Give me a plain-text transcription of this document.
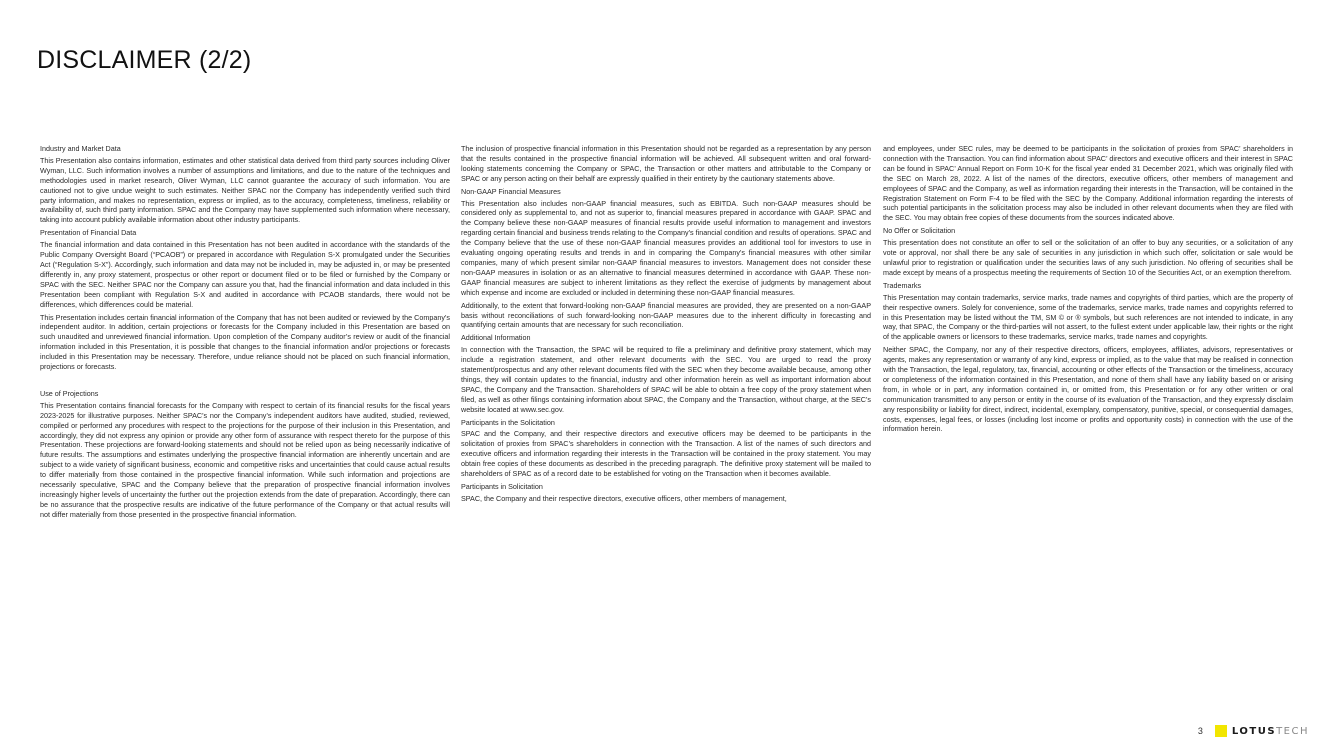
DISCLAIMER (2/2)
Industry and Market Data

This Presentation also contains information, estimates and other statistical data derived from third party sources including Oliver Wyman, LLC. Such information involves a number of assumptions and limitations, and due to the nature of the techniques and methodologies used in market research, Oliver Wyman, LLC cannot guarantee the accuracy of such information. You are cautioned not to give undue weight to such estimates. Neither SPAC nor the Company has independently verified such third party information, and makes no representation, express or implied, as to the accuracy, completeness, timeliness, reliability or availability of, such third party information. SPAC and the Company may have supplemented such information where necessary, taking into account publicly available information about other industry participants.

Presentation of Financial Data

The financial information and data contained in this Presentation has not been audited in accordance with the standards of the Public Company Oversight Board (“PCAOB”) or prepared in accordance with Regulation S-X promulgated under the Securities Act (“Regulation S-X”). Accordingly, such information and data may not be included in, may be adjusted in, or may be presented differently in, any proxy statement, prospectus or other report or document filed or to be filed or furnished by the Company or SPAC with the SEC. Neither SPAC nor the Company can assure you that, had the financial information and data included in this Presentation been compliant with Regulation S-X and audited in accordance with PCAOB standards, there would not be differences, which differences could be material.

This Presentation includes certain financial information of the Company that has not been audited or reviewed by the Company’s independent auditor. In addition, certain projections or forecasts for the Company included in this Presentation are based on such unaudited and unreviewed financial information. Upon completion of the Company auditor’s review or audit of the financial information included in this Presentation, it is possible that changes to the financial information and/or projections or forecasts included in this Presentation may be necessary. Therefore, undue reliance should not be placed on such financial information, projections or forecasts.

Use of Projections

This Presentation contains financial forecasts for the Company with respect to certain of its financial results for the fiscal years 2023-2025 for illustrative purposes. Neither SPAC’s nor the Company’s independent auditors have audited, studied, reviewed, compiled or performed any procedures with respect to the projections for the purpose of their inclusion in this Presentation, and accordingly, they did not express any opinion or provide any other form of assurance with respect thereto for the purpose of this Presentation. These projections are forward-looking statements and should not be relied upon as being necessarily indicative of future results. The assumptions and estimates underlying the prospective financial information are inherently uncertain and are subject to a wide variety of significant business, economic and competitive risks and uncertainties that could cause actual results to differ materially from those contained in the prospective financial information. While such information and projections are necessarily speculative, SPAC and the Company believe that the preparation of prospective financial information involves increasingly higher levels of uncertainty the further out the projection extends from the date of preparation. Accordingly, there can be no assurance that the prospective results are indicative of the future performance of the Company or that actual results will not differ materially from those presented in the prospective financial information.

The inclusion of prospective financial information in this Presentation should not be regarded as a representation by any person that the results contained in the prospective financial information will be achieved. All subsequent written and oral forward-looking statements concerning the Company or SPAC, the Transaction or other matters and attributable to the Company or SPAC or any person acting on their behalf are expressly qualified in their entirety by the cautionary statements above.

Non-GAAP Financial Measures

This Presentation also includes non-GAAP financial measures, such as EBITDA. Such non-GAAP measures should be considered only as supplemental to, and not as superior to, financial measures prepared in accordance with GAAP. SPAC and the Company believe these non-GAAP measures of financial results provide useful information to management and investors regarding certain financial and business trends relating to the Company’s financial condition and results of operations. SPAC and the Company believe that the use of these non-GAAP financial measures provides an additional tool for investors to use in evaluating ongoing operating results and trends in and in comparing the Company’s financial measures with other similar companies, many of which present similar non-GAAP financial measures to investors. Management does not consider these non-GAAP measures in isolation or as an alternative to financial measures determined in accordance with GAAP. These non-GAAP financial measures are subject to inherent limitations as they reflect the exercise of judgments by management about which expense and income are excluded or included in determining these non-GAAP financial measures.

Additionally, to the extent that forward-looking non-GAAP financial measures are provided, they are presented on a non-GAAP basis without reconciliations of such forward-looking non-GAAP measures due to the inherent difficulty in forecasting and quantifying certain amounts that are necessary for such reconciliation.

Additional Information

In connection with the Transaction, the SPAC will be required to file a preliminary and definitive proxy statement, which may include a registration statement, and other relevant documents with the SEC. You are urged to read the proxy statement/prospectus and any other relevant documents filed with the SEC when they become available because, among other things, they will contain updates to the financial, industry and other information herein as well as important information about SPAC, the Company and the Transaction. Shareholders of SPAC will be able to obtain a free copy of the proxy statement when filed, as well as other filings containing information about SPAC, the Company and the Transaction, without charge, at the SEC’s website located at www.sec.gov.

Participants in the Solicitation

SPAC and the Company, and their respective directors and executive officers may be deemed to be participants in the solicitation of proxies from SPAC’s shareholders in connection with the Transaction. A list of the names of such directors and executive officers and information regarding their interests in the Transaction will be contained in the proxy statement. You may obtain free copies of these documents as described in the preceding paragraph. The definitive proxy statement will be mailed to shareholders of SPAC as of a record date to be established for voting on the Transaction when it becomes available.

Participants in Solicitation

SPAC, the Company and their respective directors, executive officers, other members of management,

and employees, under SEC rules, may be deemed to be participants in the solicitation of proxies from SPAC’ shareholders in connection with the Transaction. You can find information about SPAC’ directors and executive officers and their interest in SPAC can be found in SPAC’ Annual Report on Form 10-K for the fiscal year ended 31 December 2021, which was originally filed with the SEC on March 28, 2022. A list of the names of the directors, executive officers, other members of management and employees of SPAC and the Company, as well as information regarding their interests in the Transaction, will be contained in the Registration Statement on Form F-4 to be filed with the SEC by the Company. Additional information regarding the interests of such potential participants in the solicitation process may also be included in other relevant documents when they are filed with the SEC. You may obtain free copies of these documents from the sources indicated above.

No Offer or Solicitation

This presentation does not constitute an offer to sell or the solicitation of an offer to buy any securities, or a solicitation of any vote or approval, nor shall there be any sale of securities in any jurisdiction in which such offer, solicitation or sale would be unlawful prior to registration or qualification under the securities laws of any such jurisdiction. No offering of securities shall be made except by means of a prospectus meeting the requirements of Section 10 of the Securities Act, or an exemption therefrom.

Trademarks

This Presentation may contain trademarks, service marks, trade names and copyrights of third parties, which are the property of their respective owners. Solely for convenience, some of the trademarks, service marks, trade names and copyrights referred to in this Presentation may be listed without the TM, SM © or ® symbols, but such references are not intended to indicate, in any way, that SPAC, the Company or the third-parties will not assert, to the fullest extent under applicable law, their rights or the right of the applicable owners or licensors to these trademarks, service marks, trade names and copyrights.

Neither SPAC, the Company, nor any of their respective directors, officers, employees, affiliates, advisors, representatives or agents, makes any representation or warranty of any kind, express or implied, as to the value that may be realised in connection with the Transaction, the legal, regulatory, tax, financial, accounting or other effects of the Transaction or the timeliness, accuracy or completeness of the information contained in this Presentation, and none of them shall have any liability based on or arising from, in whole or in part, any information contained in, or omitted from, this Presentation or for any other written or oral communication transmitted to any person or entity in the course of its evaluation of the Transaction, and they expressly disclaim any responsibility or liability for direct, indirect, incidental, exemplary, compensatory, punitive, special, or consequential damages, costs, expenses, legal fees, or losses (including lost income or profits and opportunity costs) in connection with the use of the information herein.

3	LOTUS TECH
